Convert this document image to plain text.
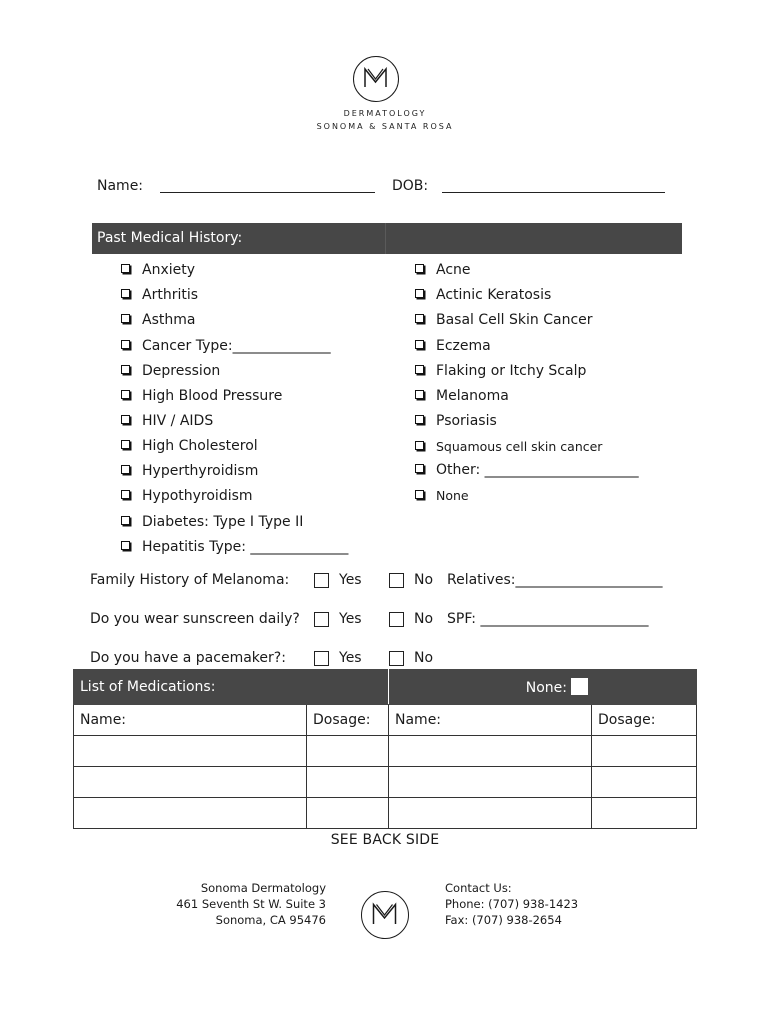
DERMATOLOGY
SONOMA & SANTA ROSA
Name:	DOB:
Past Medical History:
Anxiety
Arthritis
Asthma
Cancer Type:______________
Depression
High Blood Pressure
HIV / AIDS
High Cholesterol
Hyperthyroidism
Hypothyroidism
Diabetes: Type I Type II
Hepatitis Type: ______________
Acne
Actinic Keratosis
Basal Cell Skin Cancer
Eczema
Flaking or Itchy Scalp
Melanoma
Psoriasis
Squamous cell skin cancer
Other: ______________________
None
Family History of Melanoma:	Yes	No Relatives:_____________________
Do you wear sunscreen daily?	Yes	No SPF: ________________________
Do you have a pacemaker?:	Yes	No
List of Medications:		None:	
Name:	Dosage:	Name:	Dosage:

SEE BACK SIDE
Sonoma Dermatology
461 Seventh St W. Suite 3
Sonoma, CA 95476
Contact Us:
Phone: (707) 938-1423
Fax: (707) 938-2654
